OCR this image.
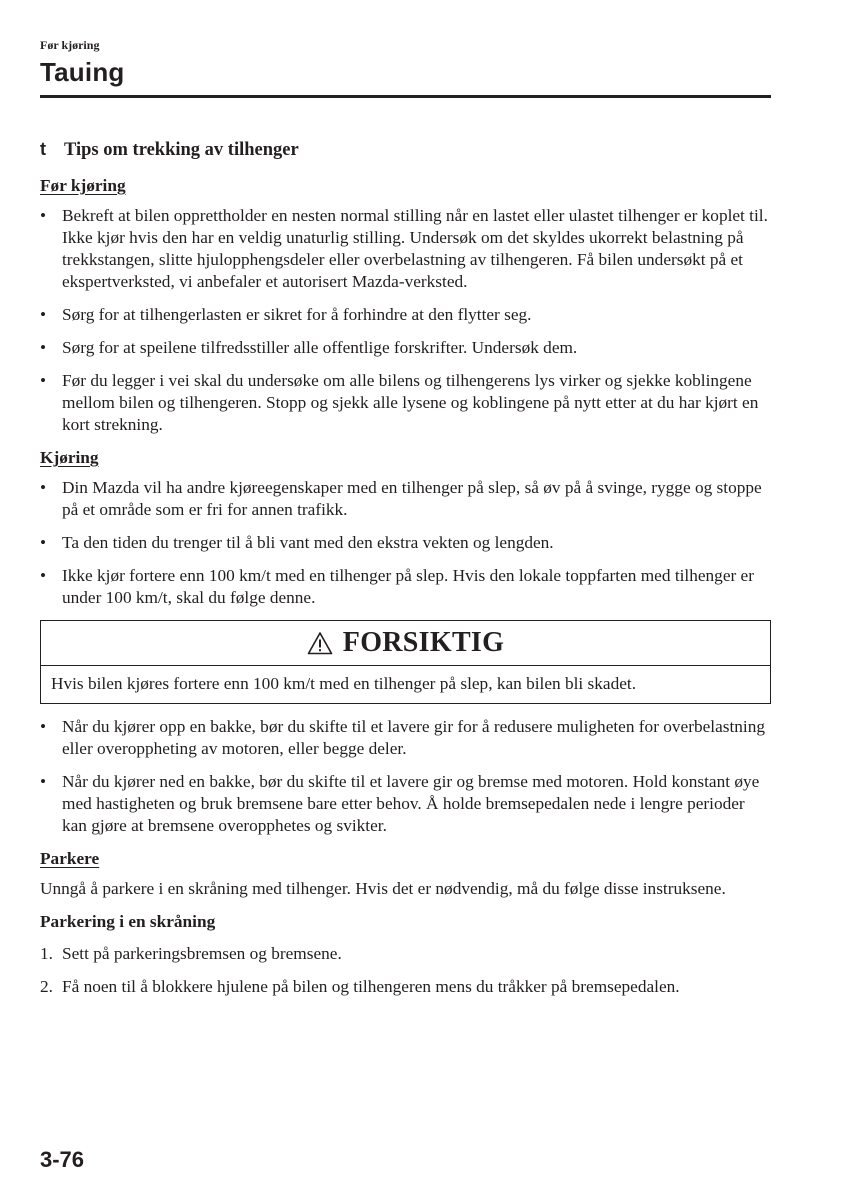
Før kjøring
Tauing
t Tips om trekking av tilhenger
Før kjøring
• Bekreft at bilen opprettholder en nesten normal stilling når en lastet eller ulastet tilhenger er koplet til. Ikke kjør hvis den har en veldig unaturlig stilling. Undersøk om det skyldes ukorrekt belastning på trekkstangen, slitte hjulopphengsdeler eller overbelastning av tilhengeren. Få bilen undersøkt på et ekspertverksted, vi anbefaler et autorisert Mazda-verksted.
• Sørg for at tilhengerlasten er sikret for å forhindre at den flytter seg.
• Sørg for at speilene tilfredsstiller alle offentlige forskrifter. Undersøk dem.
• Før du legger i vei skal du undersøke om alle bilens og tilhengerens lys virker og sjekke koblingene mellom bilen og tilhengeren. Stopp og sjekk alle lysene og koblingene på nytt etter at du har kjørt en kort strekning.
Kjøring
• Din Mazda vil ha andre kjøreegenskaper med en tilhenger på slep, så øv på å svinge, rygge og stoppe på et område som er fri for annen trafikk.
• Ta den tiden du trenger til å bli vant med den ekstra vekten og lengden.
• Ikke kjør fortere enn 100 km/t med en tilhenger på slep. Hvis den lokale toppfarten med tilhenger er under 100 km/t, skal du følge denne.
FORSIKTIG
Hvis bilen kjøres fortere enn 100 km/t med en tilhenger på slep, kan bilen bli skadet.
• Når du kjører opp en bakke, bør du skifte til et lavere gir for å redusere muligheten for overbelastning eller overoppheting av motoren, eller begge deler.
• Når du kjører ned en bakke, bør du skifte til et lavere gir og bremse med motoren. Hold konstant øye med hastigheten og bruk bremsene bare etter behov. Å holde bremsepedalen nede i lengre perioder kan gjøre at bremsene overopphetes og svikter.
Parkere
Unngå å parkere i en skråning med tilhenger. Hvis det er nødvendig, må du følge disse instruksene.
Parkering i en skråning
1. Sett på parkeringsbremsen og bremsene.
2. Få noen til å blokkere hjulene på bilen og tilhengeren mens du tråkker på bremsepedalen.
3-76
